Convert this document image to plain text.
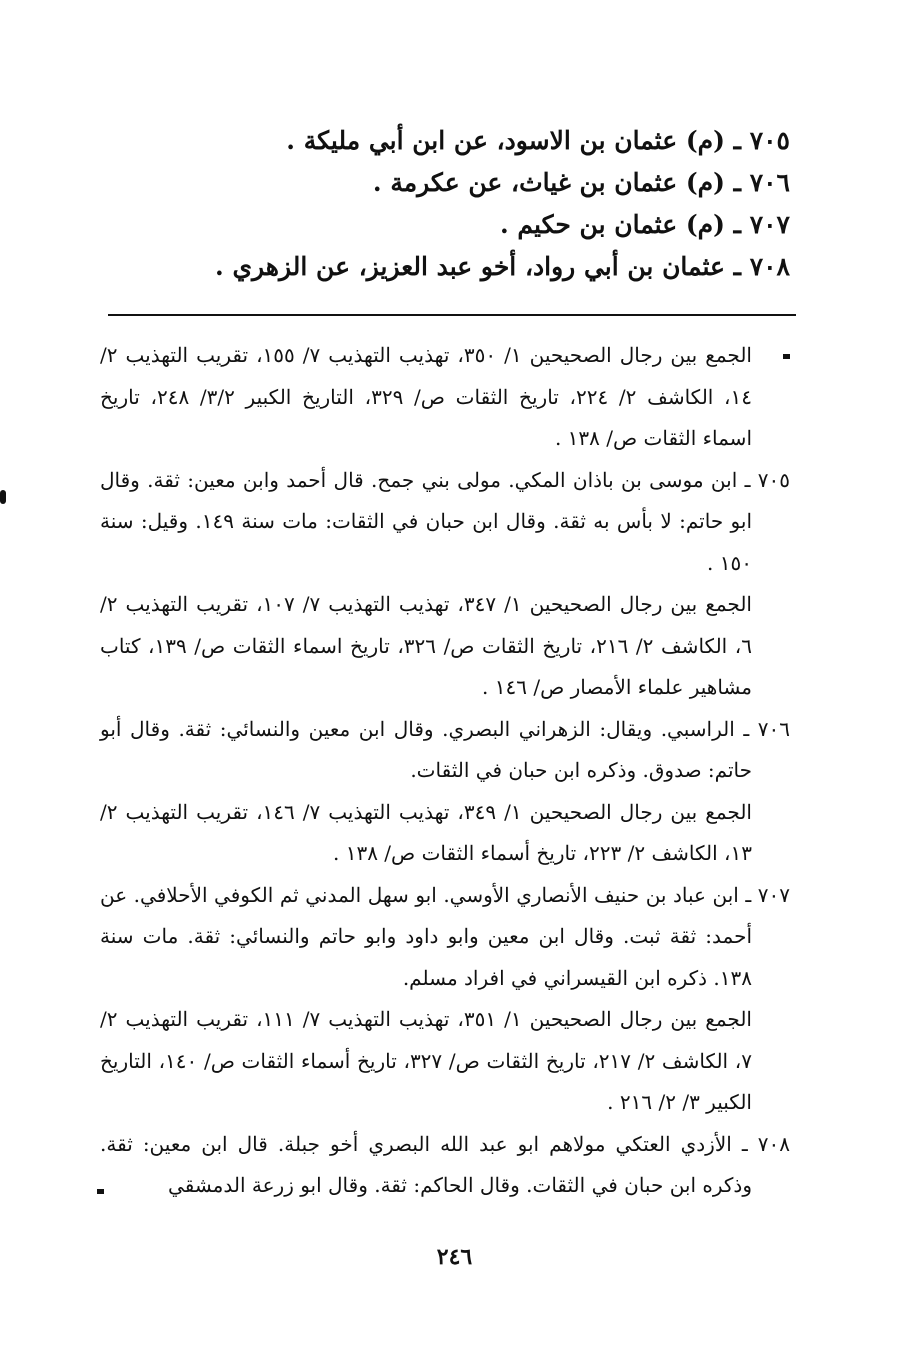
٧٠٥ ـ (م) عثمان بن الاسود، عن ابن أبي مليكة .
٧٠٦ ـ (م) عثمان بن غياث، عن عكرمة .
٧٠٧ ـ (م) عثمان بن حكيم .
٧٠٨ ـ عثمان بن أبي رواد، أخو عبد العزيز، عن الزهري .

الجمع بين رجال الصحيحين ١/ ٣٥٠، تهذيب التهذيب ٧/ ١٥٥، تقريب التهذيب ٢/ ١٤، الكاشف ٢/ ٢٢٤، تاريخ الثقات ص/ ٣٢٩، التاريخ الكبير ٣/٢/ ٢٤٨، تاريخ اسماء الثقات ص/ ١٣٨ .

٧٠٥ ـ ابن موسى بن باذان المكي. مولى بني جمح. قال أحمد وابن معين: ثقة. وقال ابو حاتم: لا بأس به ثقة. وقال ابن حبان في الثقات: مات سنة ١٤٩. وقيل: سنة ١٥٠ .

الجمع بين رجال الصحيحين ١/ ٣٤٧، تهذيب التهذيب ٧/ ١٠٧، تقريب التهذيب ٢/ ٦، الكاشف ٢/ ٢١٦، تاريخ الثقات ص/ ٣٢٦، تاريخ اسماء الثقات ص/ ١٣٩، كتاب مشاهير علماء الأمصار ص/ ١٤٦ .

٧٠٦ ـ الراسبي. ويقال: الزهراني البصري. وقال ابن معين والنسائي: ثقة. وقال أبو حاتم: صدوق. وذكره ابن حبان في الثقات.

الجمع بين رجال الصحيحين ١/ ٣٤٩، تهذيب التهذيب ٧/ ١٤٦، تقريب التهذيب ٢/ ١٣، الكاشف ٢/ ٢٢٣، تاريخ أسماء الثقات ص/ ١٣٨ .

٧٠٧ ـ ابن عباد بن حنيف الأنصاري الأوسي. ابو سهل المدني ثم الكوفي الأحلافي. عن أحمد: ثقة ثبت. وقال ابن معين وابو داود وابو حاتم والنسائي: ثقة. مات سنة ١٣٨. ذكره ابن القيسراني في افراد مسلم.

الجمع بين رجال الصحيحين ١/ ٣٥١، تهذيب التهذيب ٧/ ١١١، تقريب التهذيب ٢/ ٧، الكاشف ٢/ ٢١٧، تاريخ الثقات ص/ ٣٢٧، تاريخ أسماء الثقات ص/ ١٤٠، التاريخ الكبير ٣/ ٢/ ٢١٦ .

٧٠٨ ـ الأزدي العتكي مولاهم ابو عبد الله البصري أخو جبلة. قال ابن معين: ثقة. وذكره ابن حبان في الثقات. وقال الحاكم: ثقة. وقال ابو زرعة الدمشقي

٢٤٦
